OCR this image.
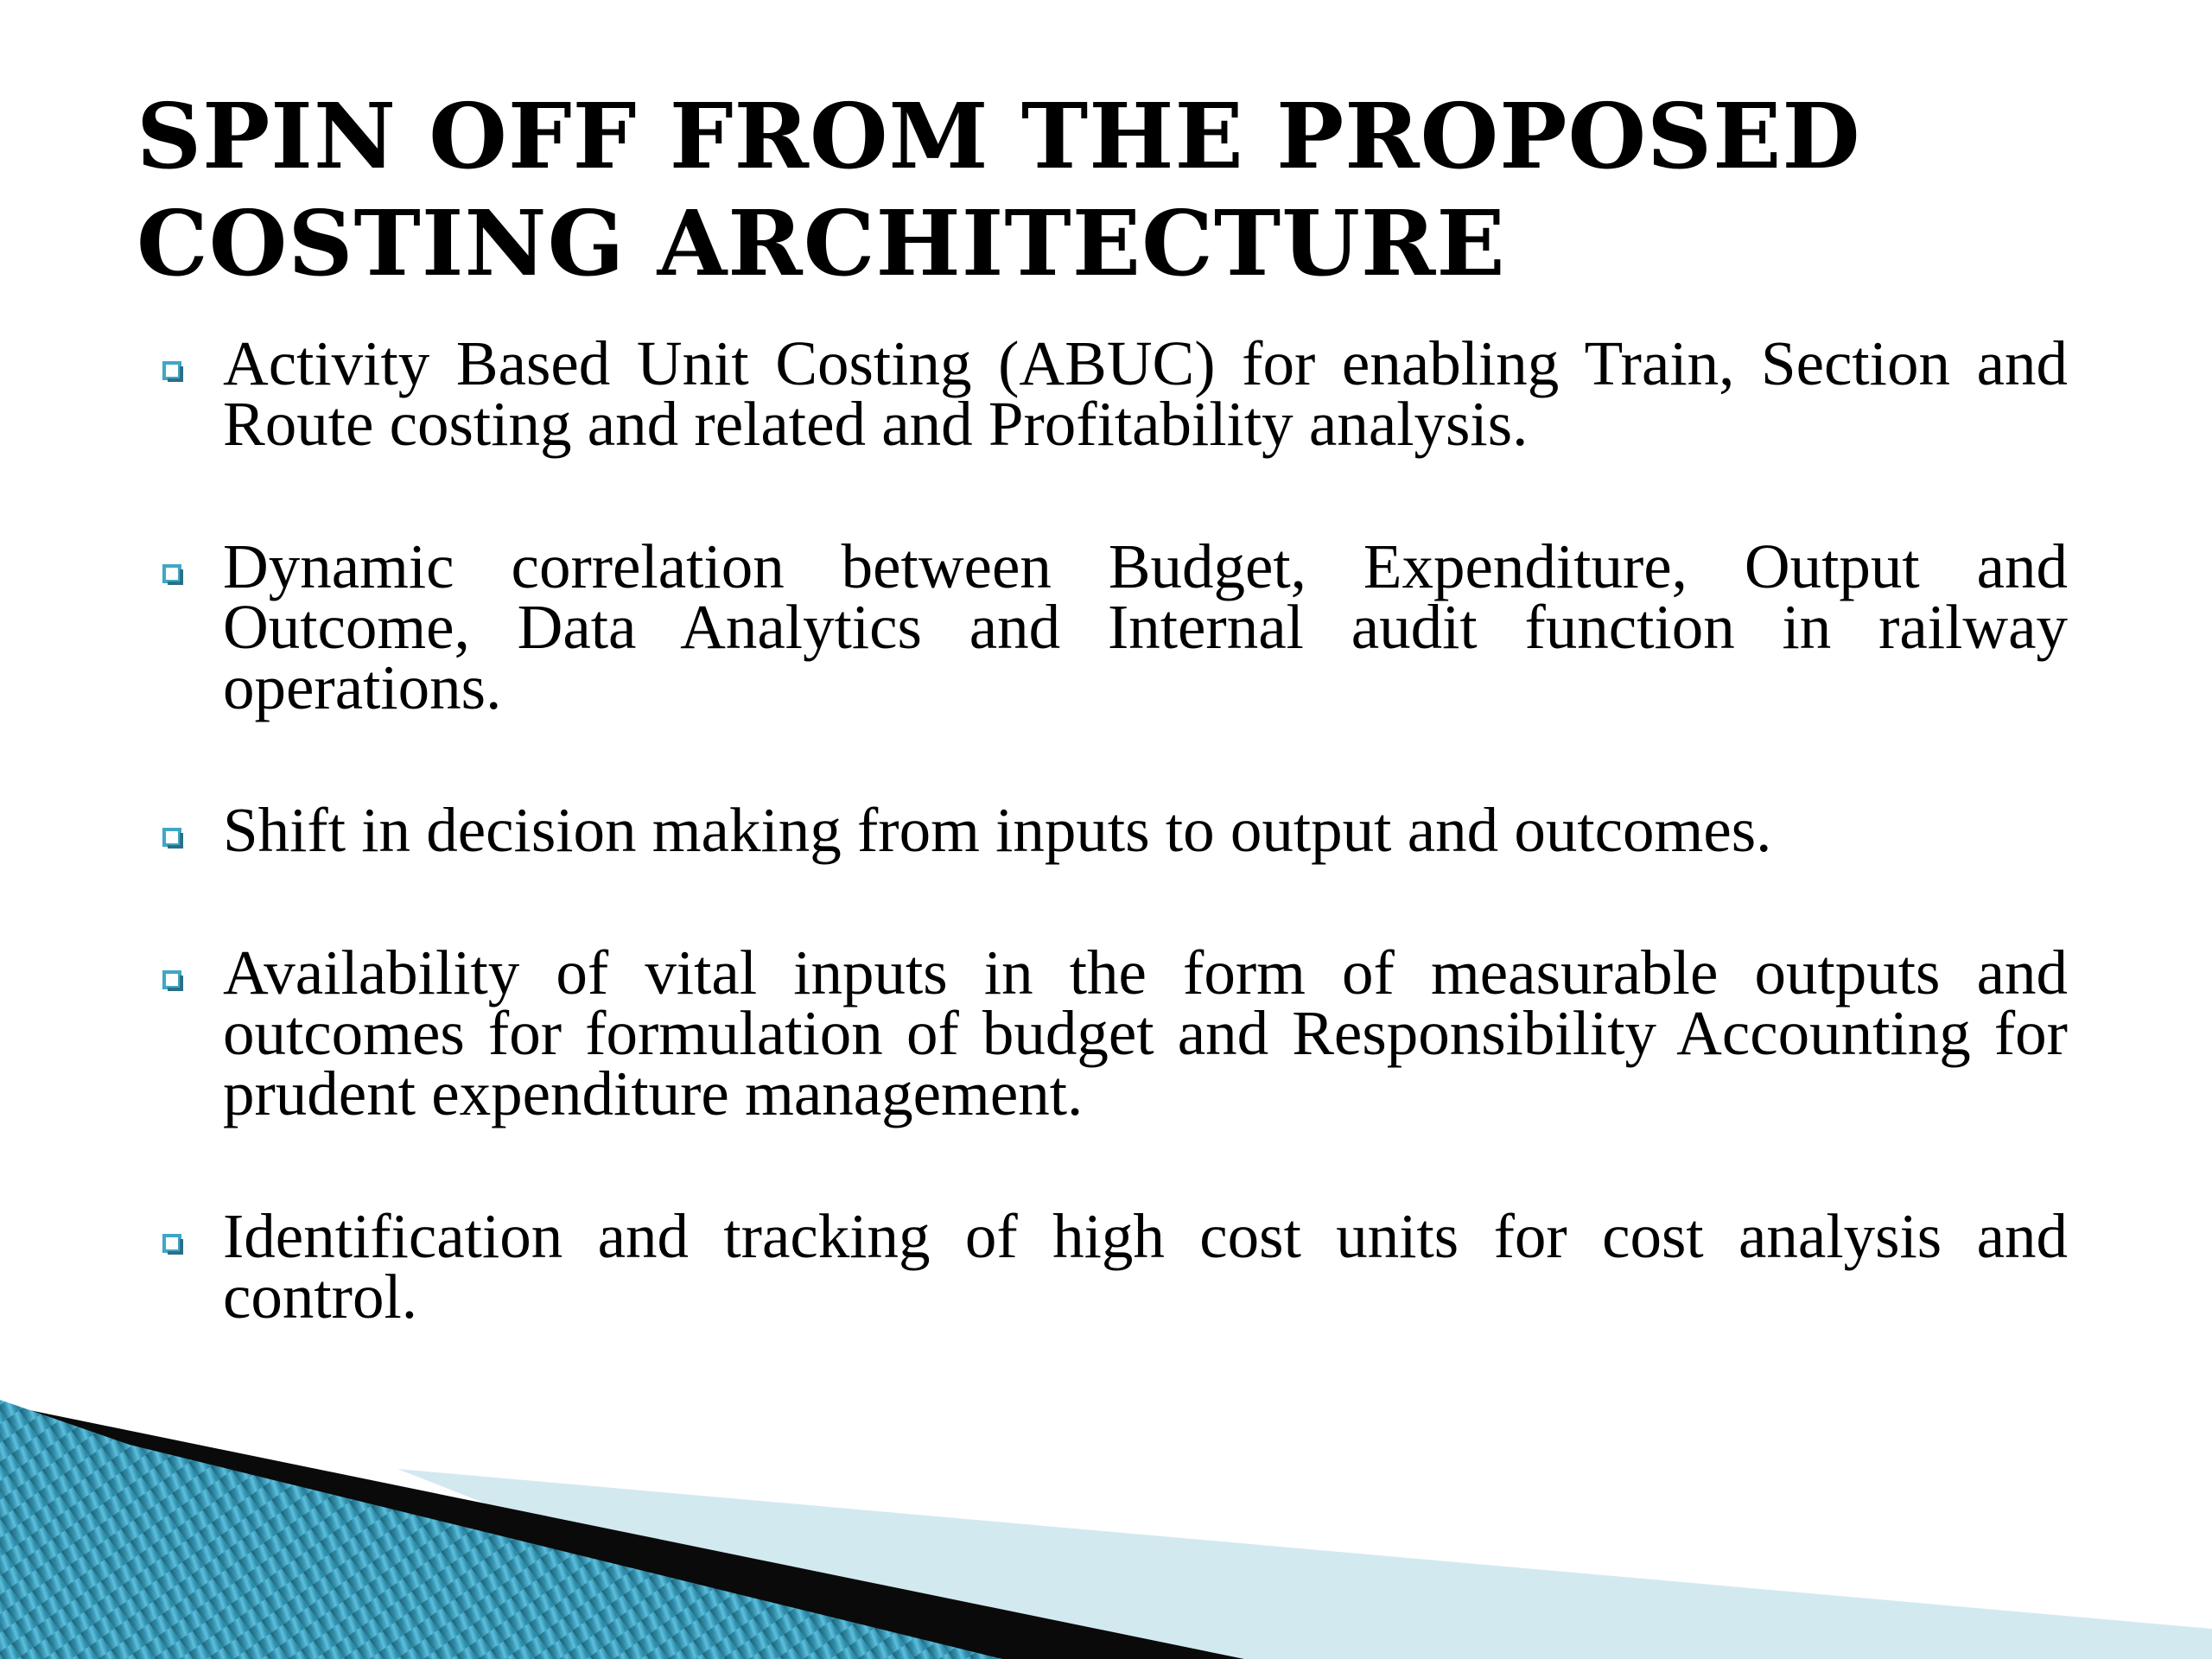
SPIN OFF FROM THE PROPOSED
COSTING ARCHITECTURE
Activity Based Unit Costing (ABUC) for enabling Train, Section and Route costing and related and Profitability analysis.
Dynamic correlation between Budget, Expenditure, Output and Outcome, Data Analytics and Internal audit function in railway operations.
Shift in decision making from inputs to output and outcomes.
Availability of vital inputs in the form of measurable outputs and outcomes for formulation of budget and Responsibility Accounting for prudent expenditure management.
Identification and tracking of high cost units for cost analysis and control.
